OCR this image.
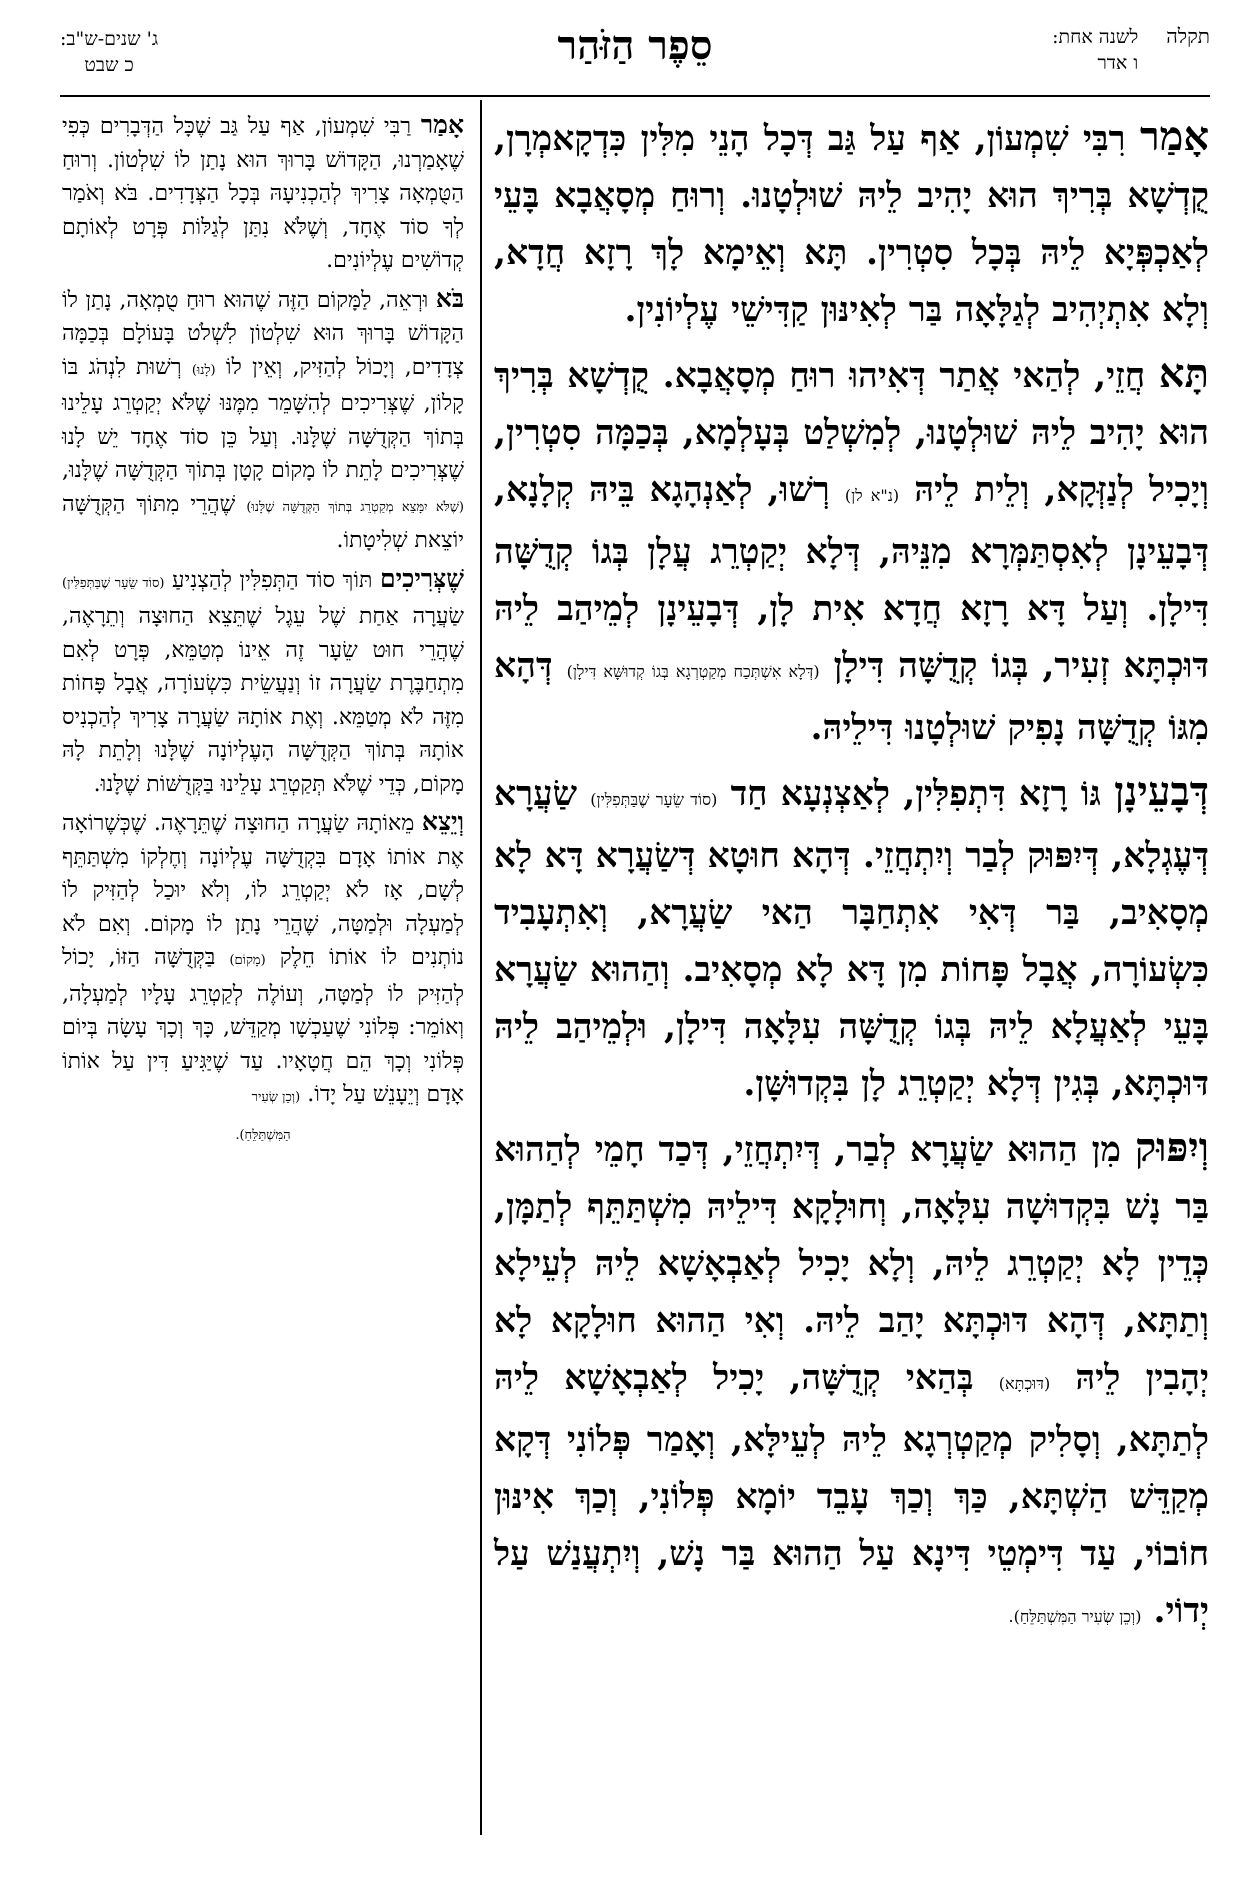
תקלה
לשנה אחת:
ו אדר
סֵפֶר הַזֹּהַר
ג' שנים-ש"ב:
כ שבט

אָמַר רִבִּי שִׁמְעוֹן, אַף עַל גַּב דְּכָל הָנֵי מִלִּין כִּדְקָאמְרָן, קֻדְשָׁא בְּרִיךְ הוּא יָהִיב לֵיהּ שׁוּלְטָנוּ. וְרוּחַ מְסָאֲבָא בָּעֵי לְאַכְפְּיָא לֵיהּ בְּכָל סִטְרִין. תָּא וְאֵימָא לָךְ רָזָא חֲדָא, וְלָא אִתְיְהִיב לְגַלָּאָה בַּר לְאִינּוּן קַדִּישֵׁי עֶלְיוֹנִין.

תָּא חֲזֵי, לְהַאי אֲתַר דְּאִיהוּ רוּחַ מְסָאֲבָא. קֻדְשָׁא בְּרִיךְ הוּא יָהִיב לֵיהּ שׁוּלְטָנוּ, לְמִשְׁלַט בְּעָלְמָא, בְּכַמָּה סִטְרִין, וְיָכִיל לְנַזְּקָא, וְלֵית לֵיהּ (נ"א לן) רְשׁוּ, לְאַנְהָגָא בֵּיהּ קְלָנָא, דְּבָעֵינָן לְאִסְתַּמְּרָא מִנֵּיהּ, דְּלָא יְקַטְרֵג עֲלָן בְּגוֹ קְדֻשָּׁה דִּילָן. וְעַל דָּא רָזָא חֲדָא אִית לָן, דְּבָעֵינָן לְמֵיהַב לֵיהּ דּוּכְתָּא זְעִיר, בְּגוֹ קְדֻשָּׁה דִּילָן (דְּלָא אִשְׁתְּכַח מְקַטְרְגָא בְּגוֹ קְדוּשָּׁא דִּילָן) דְּהָא מִגּוֹ קְדֻשָּׁה נָפִיק שׁוּלְטָנוּ דִּילֵיהּ.

דְּבָעֵינָן גּוֹ רָזָא דִּתְפִלִּין, לְאַצְנְעָא חַד (סוֹד שֵׂעָר שֶׁבַּתְּפִלִּין) שַׂעֲרָא דְּעֶגְלָא, דְּיִפּוּק לְבַר וְיִתְחֲזֵי. דְּהָא חוּטָא דְּשַׂעֲרָא דָּא לָא מְסָאִיב, בַּר דְּאִי אִתְחַבָּר הַאי שַׂעֲרָא, וְאִתְעָבִיד כִּשְׂעוֹרָה, אֲבָל פָּחוֹת מִן דָּא לָא מְסָאִיב. וְהַהוּא שַׂעֲרָא בָּעֵי לְאַעֲלָא לֵיהּ בְּגוֹ קְדֻשָּׁה עִלָּאָה דִּילָן, וּלְמֵיהַב לֵיהּ דּוּכְתָּא, בְּגִין דְּלָא יְקַטְרֵג לָן בִּקְדוּשָּׁן.

וְיִפּוּק מִן הַהוּא שַׂעֲרָא לְבַר, דְּיִתְחֲזֵי, דְּכַד חָמֵי לְהַהוּא בַּר נָשׁ בִּקְדוּשָׁה עִלָּאָה, וְחוּלָקָא דִּילֵיהּ מִשְׁתַּתֵּף לְתַמָּן, כְּדֵין לָא יְקַטְרֵג לֵיהּ, וְלָא יָכִיל לְאַבְאָשָׁא לֵיהּ לְעֵילָא וְתַתָּא, דְּהָא דּוּכְתָּא יָהַב לֵיהּ. וְאִי הַהוּא חוּלָקָא לָא יְהָבִין לֵיהּ (דּוּכְתָּא) בְּהַאי קְדֻשָּׁה, יָכִיל לְאַבְאָשָׁא לֵיהּ לְתַתָּא, וְסָלִיק מְקַטְרְגָא לֵיהּ לְעֵילָּא, וְאָמַר פְּלוֹנִי דְּקָא מְקַדֵּשׁ הַשְׁתָּא, כַּךְ וְכַךְ עָבֵד יוֹמָא פְּלוֹנִי, וְכַךְ אִינּוּן חוֹבוֹי, עַד דִּימְטֵי דִּינָא עַל הַהוּא בַּר נָשׁ, וְיִתְעֲנַשׁ עַל יְדוֹי. (וְכֵן שְׂעִיר הַמִּשְׁתַּלֵּחַ).

אָמַר רַבִּי שִׁמְעוֹן, אַף עַל גַּב שֶׁכָּל הַדְּבָרִים כְּפִי שֶׁאָמַרְנוּ, הַקָּדוֹשׁ בָּרוּךְ הוּא נָתַן לוֹ שִׁלְטוֹן. וְרוּחַ הַטֻּמְאָה צָרִיךְ לְהַכְנִיעָהּ בְּכָל הַצְּדָדִים. בֹּא וְאֹמַר לְךָ סוֹד אֶחָד, וְשֶׁלֹּא נִתַּן לְגַלּוֹת פְּרָט לְאוֹתָם קְדוֹשִׁים עֶלְיוֹנִים.

בֹּא וּרְאֵה, לַמָּקוֹם הַזֶּה שֶׁהוּא רוּחַ טֻמְאָה, נָתַן לוֹ הַקָּדוֹשׁ בָּרוּךְ הוּא שִׁלְטוֹן לִשְׁלֹט בָּעוֹלָם בְּכַמָּה צְדָדִים, וְיָכוֹל לְהַזִּיק, וְאֵין לוֹ (לָנוּ) רְשׁוּת לִנְהֹג בּוֹ קָלוֹן, שֶׁצְּרִיכִים לְהִשָּׁמֵר מִמֶּנּוּ שֶׁלֹּא יְקַטְרֵג עָלֵינוּ בְּתוֹךְ הַקְּדֻשָּׁה שֶׁלָּנוּ. וְעַל כֵּן סוֹד אֶחָד יֵשׁ לָנוּ שֶׁצְּרִיכִים לָתֵת לוֹ מָקוֹם קָטָן בְּתוֹךְ הַקְּדֻשָּׁה שֶׁלָּנוּ, (שֶׁלֹּא יִמָּצֵא מְקַטְרֵג בְּתוֹךְ הַקְּדֻשָּׁה שֶׁלָּנוּ) שֶׁהֲרֵי מִתּוֹךְ הַקְּדֻשָּׁה יוֹצֵאת שְׁלִיטָתוֹ.

שֶׁצְּרִיכִים תּוֹךְ סוֹד הַתְּפִלִּין לְהַצְנִיעַ (סוֹד שֵׂעָר שֶׁבַּתְּפִלִּין) שַׂעֲרָה אַחַת שֶׁל עֵגֶל שֶׁתֵּצֵא הַחוּצָה וְתֵרָאֶה, שֶׁהֲרֵי חוּט שֵׂעָר זֶה אֵינוֹ מְטַמֵּא, פְּרָט לְאִם מִתְחַבֶּרֶת שַׂעֲרָה זוֹ וְנַעֲשֵׂית כִּשְׂעוֹרָה, אֲבָל פָּחוֹת מִזֶּה לֹא מְטַמֵּא. וְאֶת אוֹתָהּ שַׂעֲרָה צָרִיךְ לְהַכְנִיס אוֹתָהּ בְּתוֹךְ הַקְּדֻשָּׁה הָעֶלְיוֹנָה שֶׁלָּנוּ וְלָתֵת לָהּ מָקוֹם, כְּדֵי שֶׁלֹּא תְּקַטְרֵג עָלֵינוּ בַּקְּדֻשּׁוֹת שֶׁלָּנוּ.

וְיֵצֵא מֵאוֹתָהּ שַׂעֲרָה הַחוּצָה שֶׁתֵּרָאֶה. שֶׁכְּשֶׁרוֹאָה אֶת אוֹתוֹ אָדָם בִּקְדֻשָּׁה עֶלְיוֹנָה וְחֶלְקוֹ מִשְׁתַּתֵּף לְשָׁם, אָז לֹא יְקַטְרֵג לוֹ, וְלֹא יוּכַל לְהַזִּיק לוֹ לְמַעְלָה וּלְמַטָּה, שֶׁהֲרֵי נָתַן לוֹ מָקוֹם. וְאִם לֹא נוֹתְנִים לוֹ אוֹתוֹ חֵלֶק (מָקוֹם) בַּקְּדֻשָּׁה הַזּוֹ, יָכוֹל לְהַזִּיק לוֹ לְמַטָּה, וְעוֹלֶה לְקַטְרֵג עָלָיו לְמַעְלָה, וְאוֹמֵר: פְּלוֹנִי שֶׁעַכְשָׁו מְקַדֵּשׁ, כָּךְ וְכָךְ עָשָׂה בְּיוֹם פְּלוֹנִי וְכָךְ הֵם חֲטָאָיו. עַד שֶׁיַּגִּיעַ דִּין עַל אוֹתוֹ אָדָם וְיֵעָנֵשׁ עַל יָדוֹ. (וְכֵן שְׂעִיר

הַמִּשְׁתַּלֵּחַ).
